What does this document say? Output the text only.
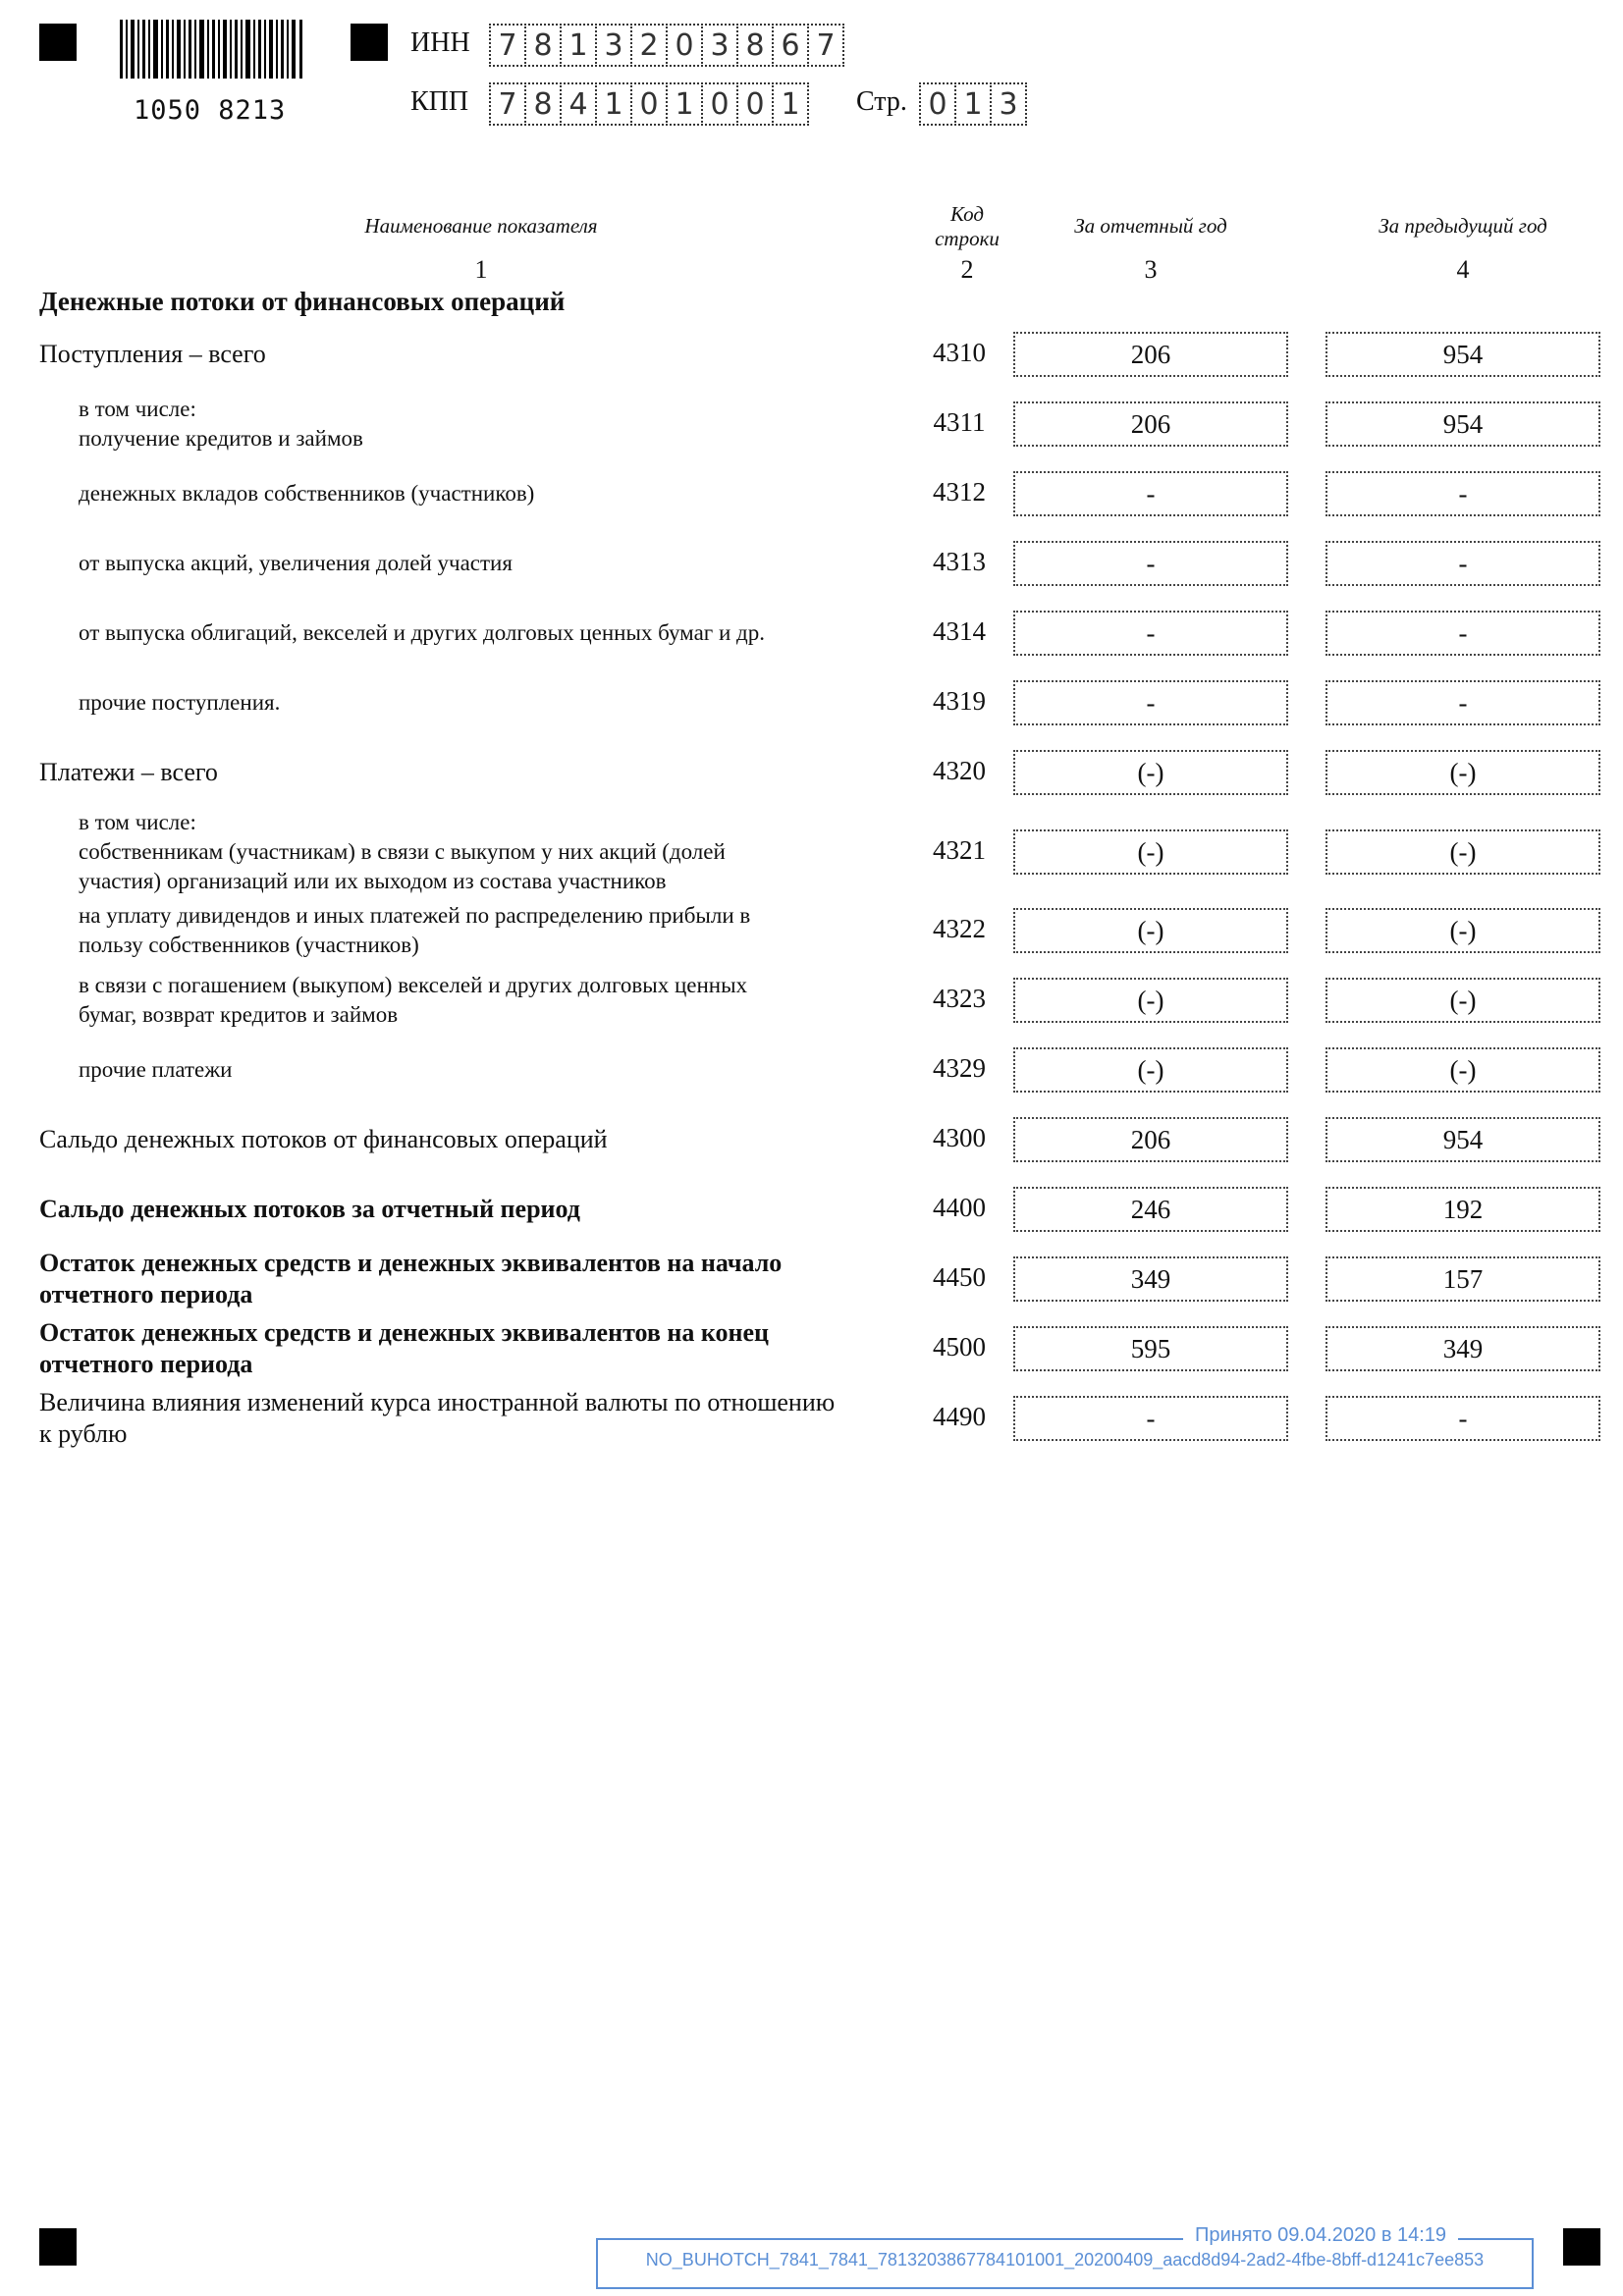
1050 8213
ИНН 7 8 1 3 2 0 3 8 6 7
КПП	7 8 4 1 0 1 0 0 1	Стр. 0 1 3
Наименование показателя	Код строки
За отчетный год	За предыдущий год
1	2	3	4
Денежные потоки от финансовых операций
Поступления – всего	4310	206	954
в том числе:
получение кредитов и займов
4311	206	954
денежных вкладов собственников (участников)	4312	-	-
от выпуска акций, увеличения долей участия	4313	-	-
от выпуска облигаций, векселей и других долговых ценных бумаг и др.	4314	-	-
прочие поступления.	4319	-	-
Платежи – всего	4320	(-)	(-)
в том числе:
собственникам (участникам) в связи с выкупом у них акций (долей
участия) организаций или их выходом из состава участников
4321	(-)	(-)
на уплату дивидендов и иных платежей по распределению прибыли в
пользу собственников (участников)
4322	(-)	(-)
в связи с погашением (выкупом) векселей и других долговых ценных
бумаг, возврат кредитов и займов
4323	(-)	(-)
прочие платежи	4329	(-)	(-)
Сальдо денежных потоков от финансовых операций	4300	206	954
Сальдо денежных потоков за отчетный период	4400	246	192
Остаток денежных средств и денежных эквивалентов на начало
отчетного периода
4450	349	157
Остаток денежных средств и денежных эквивалентов на конец
отчетного периода
4500	595	349
Величина влияния изменений курса иностранной валюты по отношению
к рублю
4490	-	-
Принято 09.04.2020 в 14:19
NO_BUHOTCH_7841_7841_7813203867784101001_20200409_aacd8d94-2ad2-4fbe-8bff-d1241c7ee853
